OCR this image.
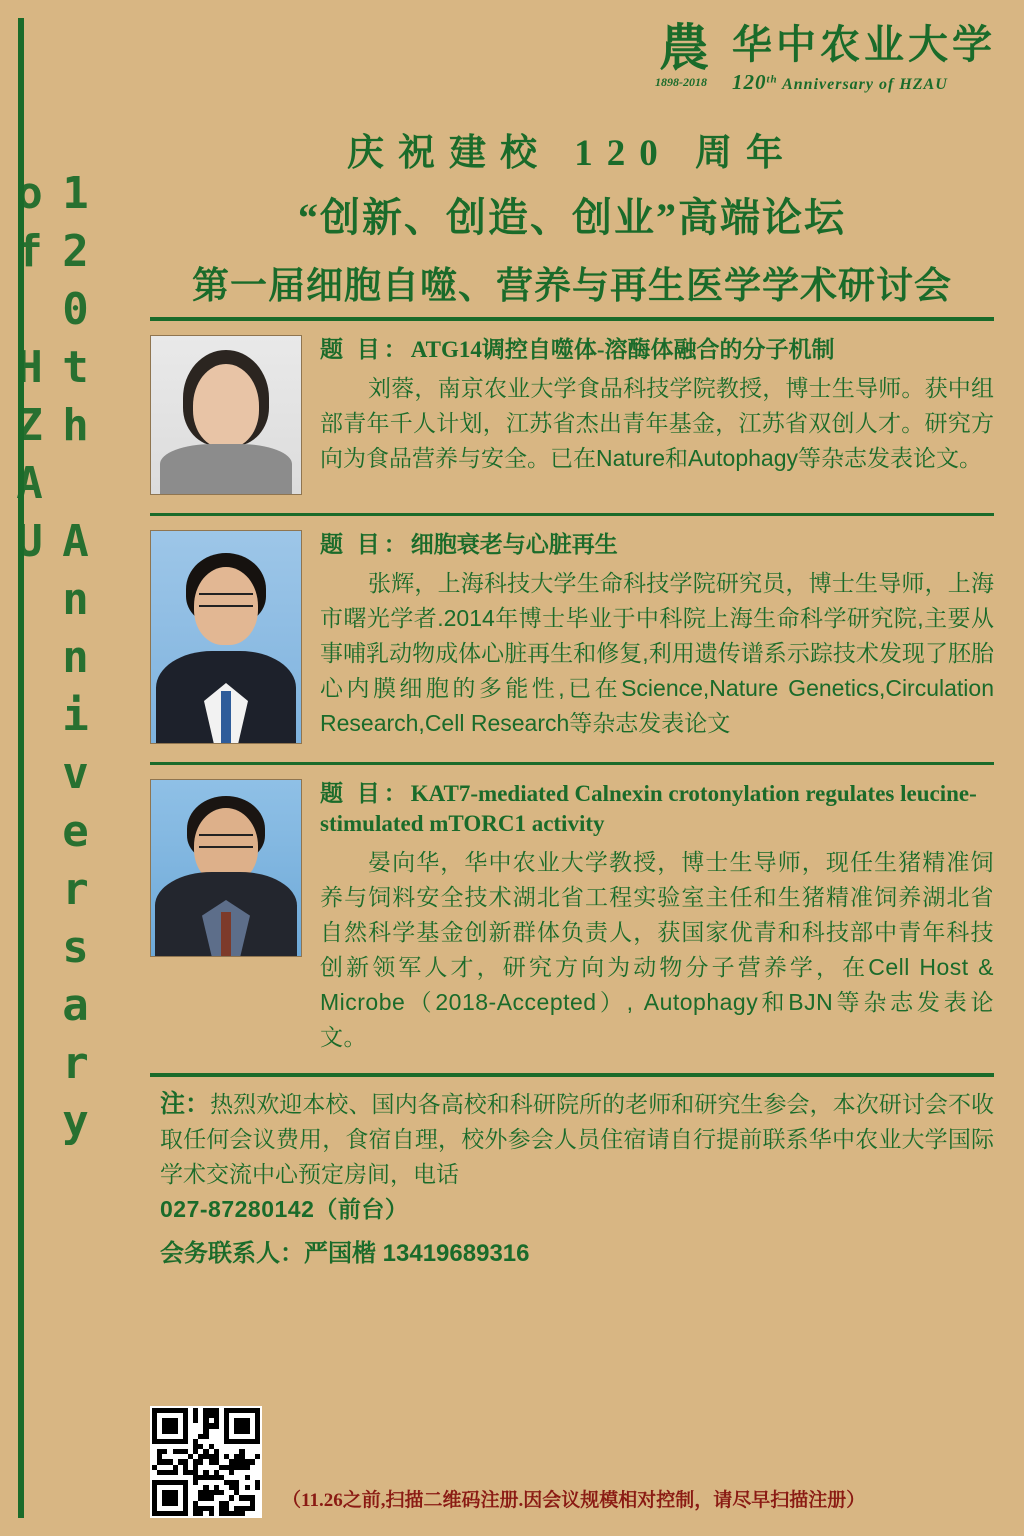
農
1898-2018
华中农业大学
120th Anniversary of HZAU
120th Anniversary of HZAU
庆祝建校 120 周年
“创新、创造、创业”高端论坛
第一届细胞自噬、营养与再生医学学术研讨会
题 目：ATG14调控自噬体-溶酶体融合的分子机制
刘蓉，南京农业大学食品科技学院教授，博士生导师。获中组部青年千人计划，江苏省杰出青年基金，江苏省双创人才。研究方向为食品营养与安全。已在Nature和Autophagy等杂志发表论文。
题 目：细胞衰老与心脏再生
张辉，上海科技大学生命科技学院研究员，博士生导师，上海市曙光学者.2014年博士毕业于中科院上海生命科学研究院,主要从事哺乳动物成体心脏再生和修复,利用遗传谱系示踪技术发现了胚胎心内膜细胞的多能性,已在Science,Nature Genetics,Circulation Research,Cell Research等杂志发表论文
题 目：KAT7-mediated Calnexin crotonylation regulates leucine-stimulated mTORC1 activity
晏向华，华中农业大学教授，博士生导师，现任生猪精准饲养与饲料安全技术湖北省工程实验室主任和生猪精准饲养湖北省自然科学基金创新群体负责人，获国家优青和科技部中青年科技创新领军人才，研究方向为动物分子营养学，在Cell Host & Microbe（2018-Accepted）, Autophagy和BJN等杂志发表论文。

注：热烈欢迎本校、国内各高校和科研院所的老师和研究生参会，本次研讨会不收取任何会议费用，食宿自理，校外参会人员住宿请自行提前联系华中农业大学国际学术交流中心预定房间，电话

027-87280142（前台）

会务联系人：严国楷 13419689316
（11.26之前,扫描二维码注册.因会议规模相对控制，请尽早扫描注册）
